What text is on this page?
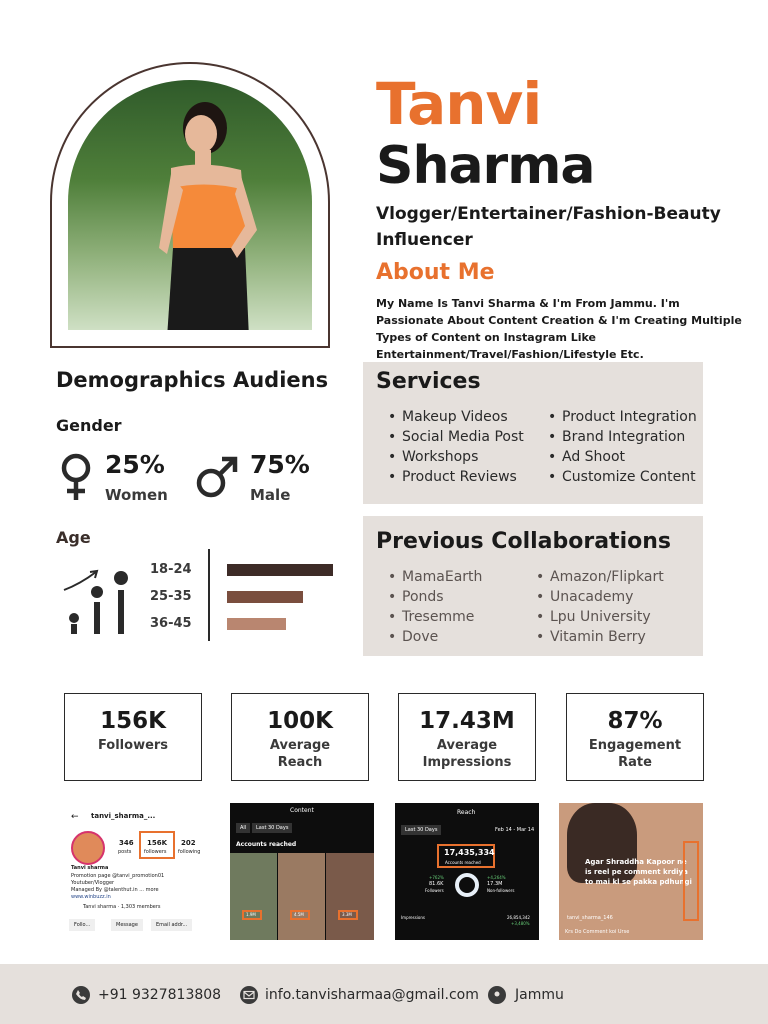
Tanvi
Sharma
Vlogger/Entertainer/Fashion-Beauty Influencer
About Me
My Name Is Tanvi Sharma & I'm From Jammu. I'm Passionate About Content Creation & I'm Creating Multiple Types of Content on Instagram Like Entertainment/Travel/Fashion/Lifestyle Etc.
Demographics Audiens
Gender
25%
Women
75%
Male
Age
18-24
25-35
36-45
Services
• Makeup Videos
• Social Media Post
• Workshops
• Product Reviews
• Product Integration
• Brand Integration
• Ad Shoot
• Customize Content
Previous Collaborations
• MamaEarth
• Ponds
• Tresemme
• Dove
• Amazon/Flipkart
• Unacademy
• Lpu University
• Vitamin Berry
156K
Followers
100K
Average Reach
17.43M
Average Impressions
87%
Engagement Rate
← tanvi_sharma_...
346
posts
156K
followers
202
following
Tanvi sharma
Promotion page @tanvi_promotion01
Youtuber/Vlogger
Managed By @talenthut.in ... more
www.winbuzz.in
Tanvi sharma · 1,303 members
Follo...	Message	Email addr...
Content
All	Last 30 Days
Accounts reached
1.9M	4.5M	3.3M
Reach
Last 30 Days	Feb 14 - Mar 14
17,435,334
Accounts reached
+762%
81.6K
Followers
+4,264%
17.3M
Non-followers
Impressions	26,854,342
+3,480%
Agar Shraddha Kapoor ne
is reel pe comment krdiya
to mai kl se pakka pdhungi
tanvi_sharma_146
Krs Do Comment koi Urse
+91 9327813808	info.tanvisharmaa@gmail.com	Jammu
